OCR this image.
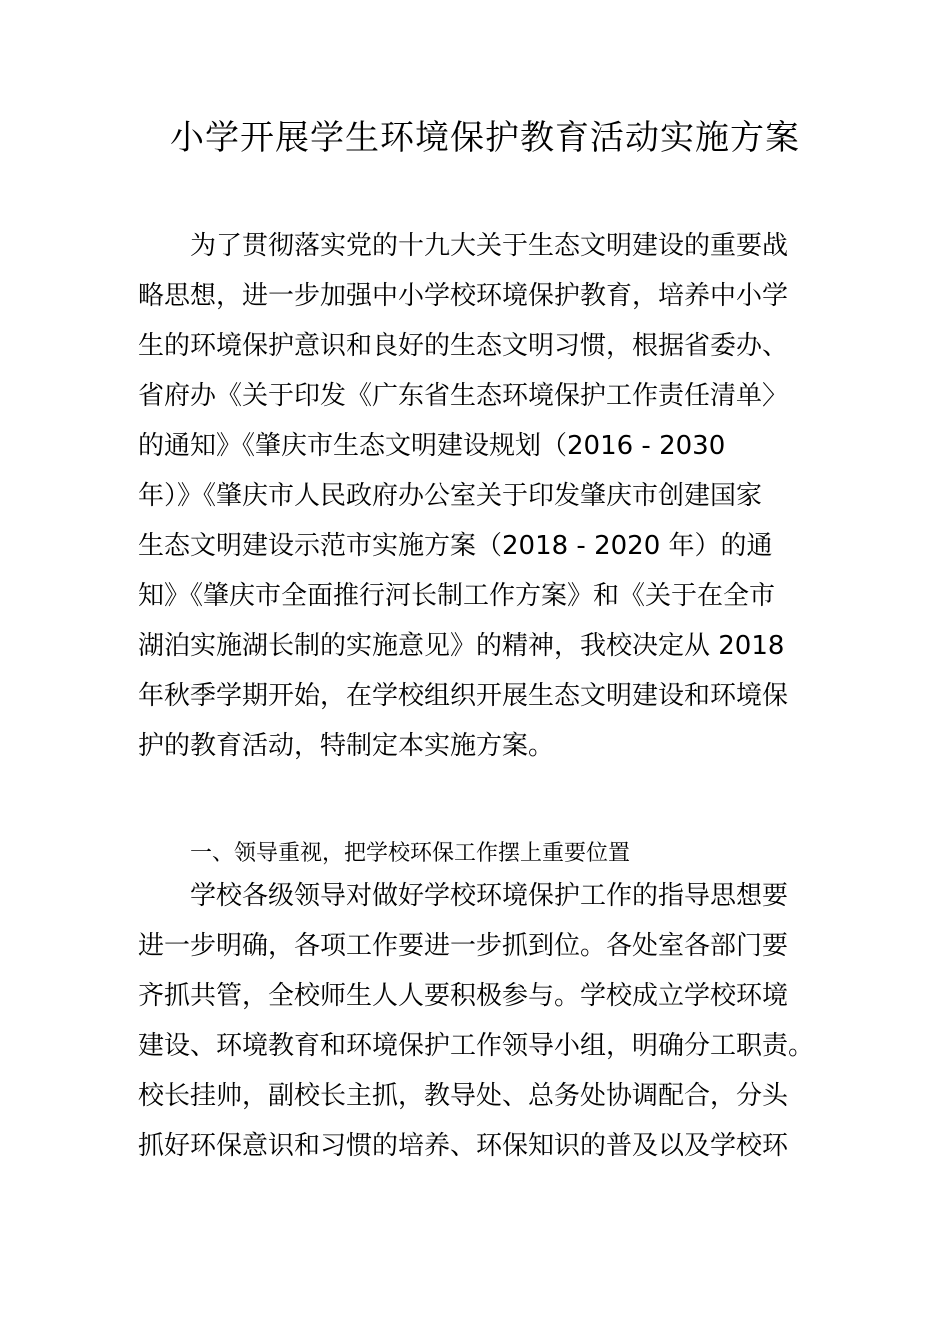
小学开展学生环境保护教育活动实施方案
为了贯彻落实党的十九大关于生态文明建设的重要战
略思想，进一步加强中小学校环境保护教育，培养中小学
生的环境保护意识和良好的生态文明习惯，根据省委办、
省府办《关于印发《广东省生态环境保护工作责任清单〉
的通知》《肇庆市生态文明建设规划（2016 - 2030
年）》《肇庆市人民政府办公室关于印发肇庆市创建国家
生态文明建设示范市实施方案（2018 - 2020 年）的通
知》《肇庆市全面推行河长制工作方案》和《关于在全市
湖泊实施湖长制的实施意见》的精神，我校决定从 2018
年秋季学期开始，在学校组织开展生态文明建设和环境保
护的教育活动，特制定本实施方案。
一、领导重视，把学校环保工作摆上重要位置
学校各级领导对做好学校环境保护工作的指导思想要
进一步明确，各项工作要进一步抓到位。各处室各部门要
齐抓共管，全校师生人人要积极参与。学校成立学校环境
建设、环境教育和环境保护工作领导小组，明确分工职责。
校长挂帅，副校长主抓，教导处、总务处协调配合，分头
抓好环保意识和习惯的培养、环保知识的普及以及学校环
